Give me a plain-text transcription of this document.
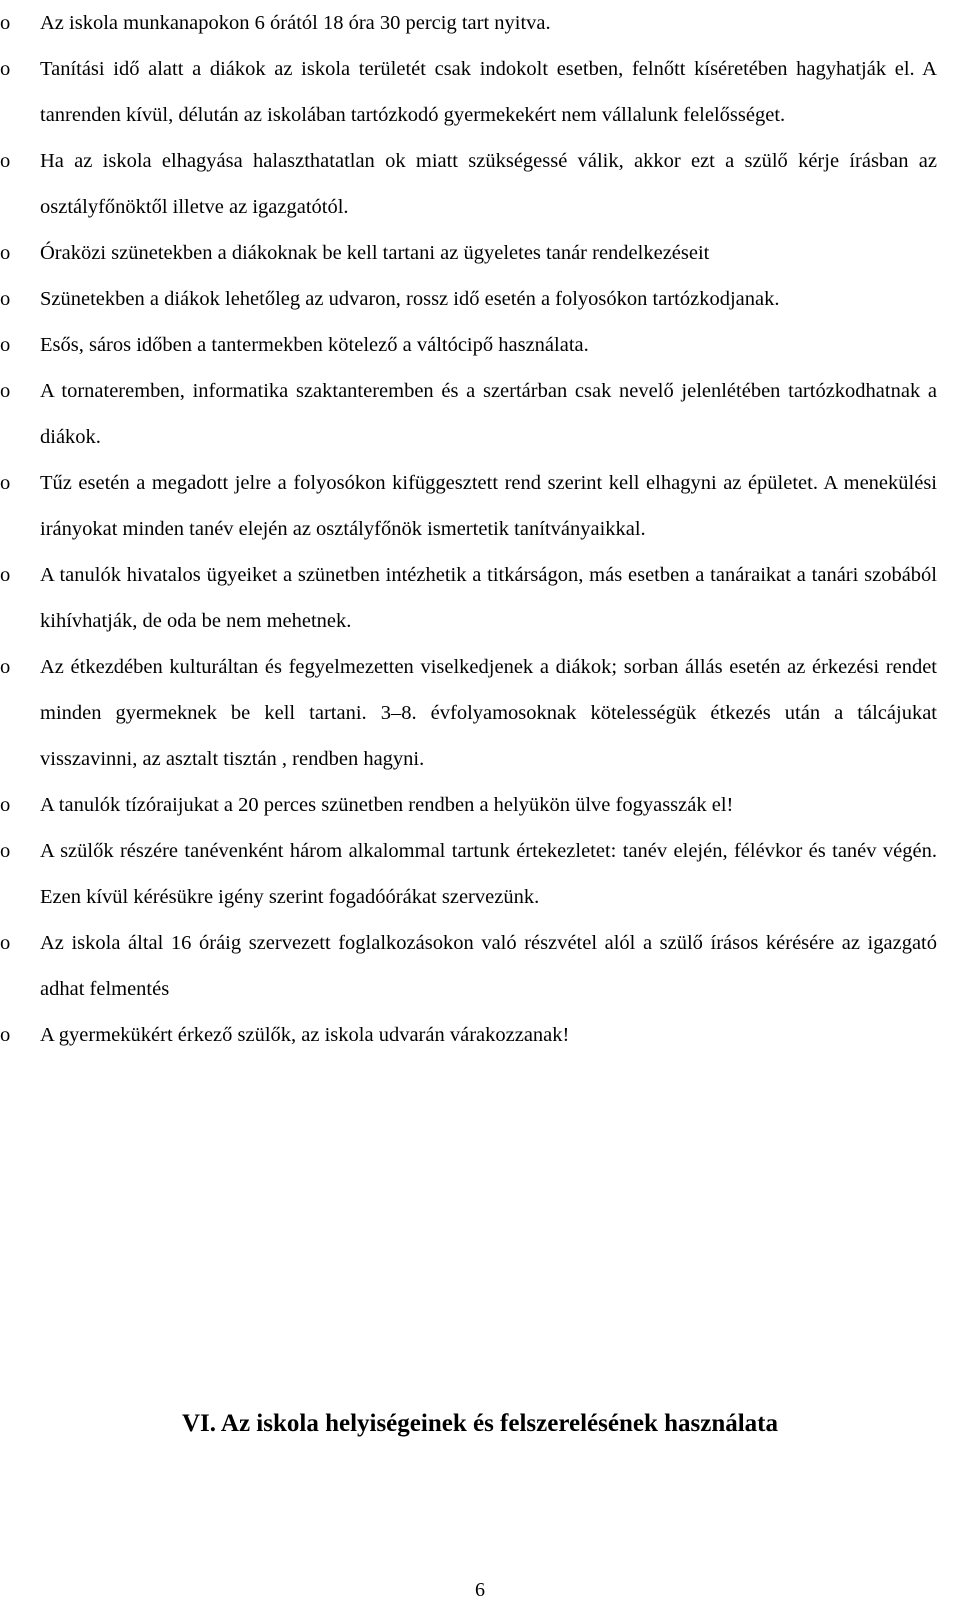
o	Az iskola munkanapokon 6 órától 18 óra 30 percig tart nyitva.
o	Tanítási idő alatt a diákok az iskola területét csak indokolt esetben, felnőtt kíséretében hagyhatják el. A tanrenden kívül, délután az iskolában tartózkodó gyermekekért nem vállalunk felelősséget.
o	Ha az iskola elhagyása halaszthatatlan ok miatt szükségessé válik, akkor ezt a szülő kérje írásban az osztályfőnöktől illetve az igazgatótól.
o	Óraközi szünetekben a diákoknak be kell tartani az ügyeletes tanár rendelkezéseit
o	Szünetekben a diákok lehetőleg az udvaron, rossz idő esetén a folyosókon tartózkodjanak.
o	Esős, sáros időben a tantermekben kötelező a váltócipő használata.
o	A tornateremben, informatika szaktanteremben és a szertárban csak nevelő jelenlétében tartózkodhatnak a diákok.
o	Tűz esetén a megadott jelre a folyosókon kifüggesztett rend szerint kell elhagyni az épületet. A menekülési irányokat minden tanév elején az osztályfőnök ismertetik tanítványaikkal.
o	A tanulók hivatalos ügyeiket a szünetben intézhetik a titkárságon, más esetben a tanáraikat a tanári szobából kihívhatják, de oda be nem mehetnek.
o	Az étkezdében kulturáltan és fegyelmezetten viselkedjenek a diákok; sorban állás esetén az érkezési rendet minden gyermeknek be kell tartani. 3–8. évfolyamosoknak kötelességük étkezés után a tálcájukat visszavinni, az asztalt tisztán , rendben hagyni.
o	A tanulók tízóraijukat a 20 perces szünetben rendben a helyükön ülve fogyasszák el!
o	A szülők részére tanévenként három alkalommal tartunk értekezletet: tanév elején, félévkor és tanév végén. Ezen kívül kérésükre igény szerint fogadóórákat szervezünk.
o	Az iskola által 16 óráig szervezett foglalkozásokon való részvétel alól a szülő írásos kérésére az igazgató adhat felmentés
o	A gyermekükért érkező szülők, az iskola udvarán várakozzanak!
VI. Az iskola helyiségeinek és felszerelésének használata
6
